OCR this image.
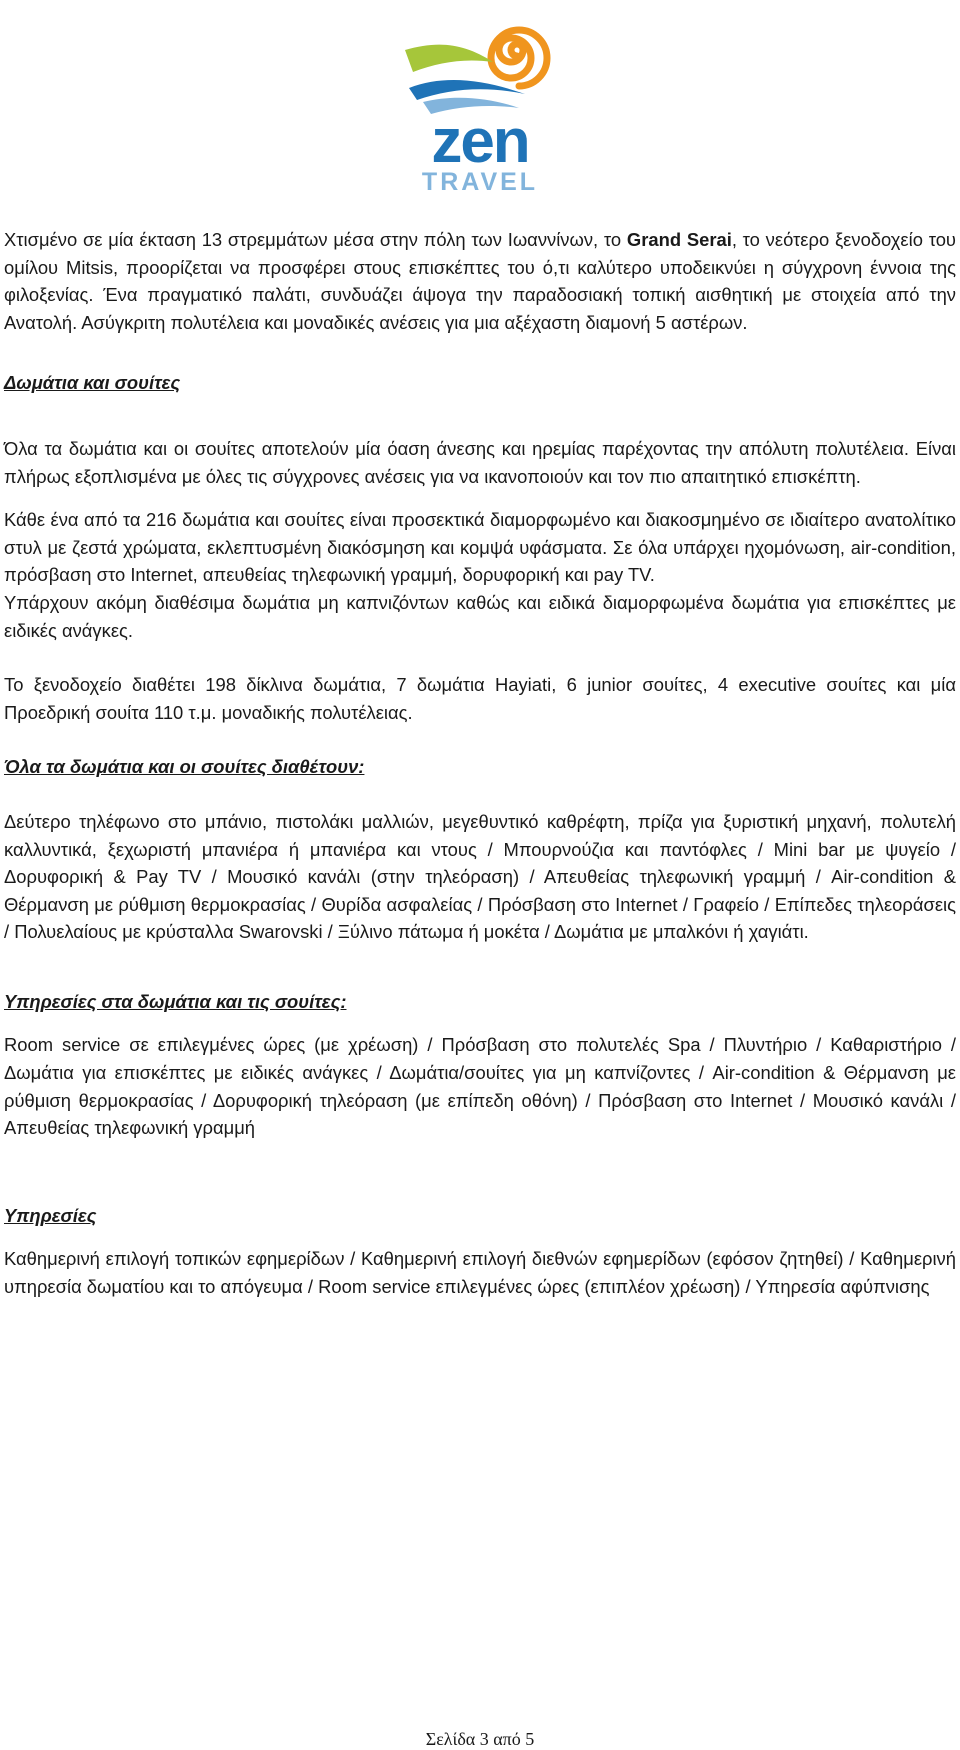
zen
TRAVEL

Χτισμένο σε μία έκταση 13 στρεμμάτων μέσα στην πόλη των Ιωαννίνων, το Grand Serai, το νεότερο ξενοδοχείο του ομίλου Mitsis, προορίζεται να προσφέρει στους επισκέπτες του ό,τι καλύτερο υποδεικνύει η σύγχρονη έννοια της φιλοξενίας. Ένα πραγματικό παλάτι, συνδυάζει άψογα την παραδοσιακή τοπική αισθητική με στοιχεία από την Ανατολή. Ασύγκριτη πολυτέλεια και μοναδικές ανέσεις για μια αξέχαστη διαμονή 5 αστέρων.

Δωμάτια και σουίτες

Όλα τα δωμάτια και οι σουίτες αποτελούν μία όαση άνεσης και ηρεμίας παρέχοντας την απόλυτη πολυτέλεια. Είναι πλήρως εξοπλισμένα με όλες τις σύγχρονες ανέσεις για να ικανοποιούν και τον πιο απαιτητικό επισκέπτη.

Κάθε ένα από τα 216 δωμάτια και σουίτες είναι προσεκτικά διαμορφωμένο και διακοσμημένο σε ιδιαίτερο ανατολίτικο στυλ με ζεστά χρώματα, εκλεπτυσμένη διακόσμηση και κομψά υφάσματα. Σε όλα υπάρχει ηχομόνωση, air-condition, πρόσβαση στο Internet, απευθείας τηλεφωνική γραμμή, δορυφορική και pay TV.

Υπάρχουν ακόμη διαθέσιμα δωμάτια μη καπνιζόντων καθώς και ειδικά διαμορφωμένα δωμάτια για επισκέπτες με ειδικές ανάγκες.

Το ξενοδοχείο διαθέτει 198 δίκλινα δωμάτια, 7 δωμάτια Hayiati, 6 junior σουίτες, 4 executive σουίτες και μία Προεδρική σουίτα 110 τ.μ. μοναδικής πολυτέλειας.

Όλα τα δωμάτια και οι σουίτες διαθέτουν:

Δεύτερο τηλέφωνο στο μπάνιο, πιστολάκι μαλλιών, μεγεθυντικό καθρέφτη, πρίζα για ξυριστική μηχανή, πολυτελή καλλυντικά, ξεχωριστή μπανιέρα ή μπανιέρα και ντους / Μπουρνούζια και παντόφλες / Mini bar με ψυγείο / Δορυφορική & Pay TV / Μουσικό κανάλι (στην τηλεόραση) / Απευθείας τηλεφωνική γραμμή / Air-condition & Θέρμανση με ρύθμιση θερμοκρασίας / Θυρίδα ασφαλείας / Πρόσβαση στο Internet / Γραφείο / Επίπεδες τηλεοράσεις / Πολυελαίους με κρύσταλλα Swarovski / Ξύλινο πάτωμα ή μοκέτα / Δωμάτια με μπαλκόνι ή χαγιάτι.

Υπηρεσίες στα δωμάτια και τις σουίτες:

Room service σε επιλεγμένες ώρες (με χρέωση) / Πρόσβαση στο πολυτελές Spa / Πλυντήριο / Καθαριστήριο / Δωμάτια για επισκέπτες με ειδικές ανάγκες / Δωμάτια/σουίτες για μη καπνίζοντες / Air-condition & Θέρμανση με ρύθμιση θερμοκρασίας / Δορυφορική τηλεόραση (με επίπεδη οθόνη) / Πρόσβαση στο Internet / Μουσικό κανάλι / Απευθείας τηλεφωνική γραμμή

Υπηρεσίες

Καθημερινή επιλογή τοπικών εφημερίδων / Καθημερινή επιλογή διεθνών εφημερίδων (εφόσον ζητηθεί) / Καθημερινή υπηρεσία δωματίου και το απόγευμα / Room service επιλεγμένες ώρες (επιπλέον χρέωση) / Υπηρεσία αφύπνισης

Σελίδα 3 από 5
